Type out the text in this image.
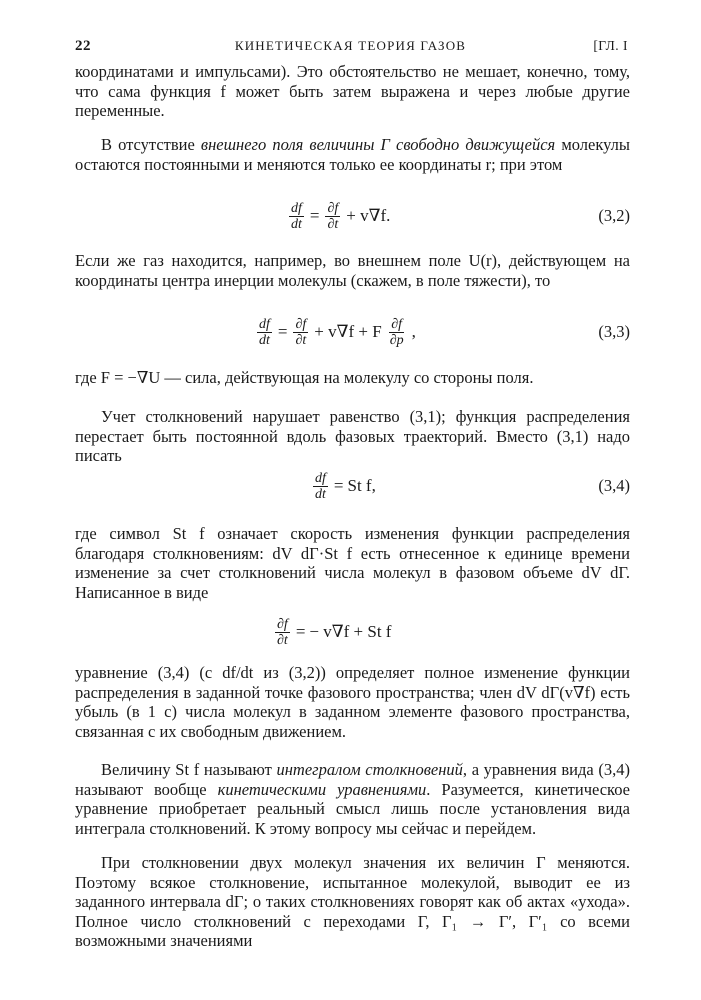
22	КИНЕТИЧЕСКАЯ ТЕОРИЯ ГАЗОВ	[ГЛ. I

координатами и импульсами). Это обстоятельство не мешает, конечно, тому, что сама функция f может быть затем выражена и через любые другие переменные.

В отсутствие внешнего поля величины Γ свободно движущейся молекулы остаются постоянными и меняются только ее координаты r; при этом

$\frac{df}{dt} = \frac{\partial f}{\partial t} + v\nabla f$.	(3,2)

Если же газ находится, например, во внешнем поле U(r), действующем на координаты центра инерции молекулы (скажем, в поле тяжести), то

$\frac{df}{dt} = \frac{\partial f}{\partial t} + v\nabla f + F \frac{\partial f}{\partial p}$ ,	(3,3)

где F = −∇U — сила, действующая на молекулу со стороны поля.

Учет столкновений нарушает равенство (3,1); функция распределения перестает быть постоянной вдоль фазовых траекторий. Вместо (3,1) надо писать

$\frac{df}{dt} = St$ f,	(3,4)

где символ St f означает скорость изменения функции распределения благодаря столкновениям: dV dΓ·St f есть отнесенное к единице времени изменение за счет столкновений числа молекул в фазовом объеме dV dΓ. Написанное в виде

$\frac{\partial f}{\partial t}$ = − v∇f + St f

уравнение (3,4) (с df/dt из (3,2)) определяет полное изменение функции распределения в заданной точке фазового пространства; член dV dΓ(v∇f) есть убыль (в 1 с) числа молекул в заданном элементе фазового пространства, связанная с их свободным движением.

Величину St f называют интегралом столкновений, а уравнения вида (3,4) называют вообще кинетическими уравнениями. Разумеется, кинетическое уравнение приобретает реальный смысл лишь после установления вида интеграла столкновений. К этому вопросу мы сейчас и перейдем.

При столкновении двух молекул значения их величин Γ меняются. Поэтому всякое столкновение, испытанное молекулой, выводит ее из заданного интервала dΓ; о таких столкновениях говорят как об актах «ухода». Полное число столкновений с переходами Γ, Γ₁ → Γ′, Γ′₁ со всеми возможными значениями
